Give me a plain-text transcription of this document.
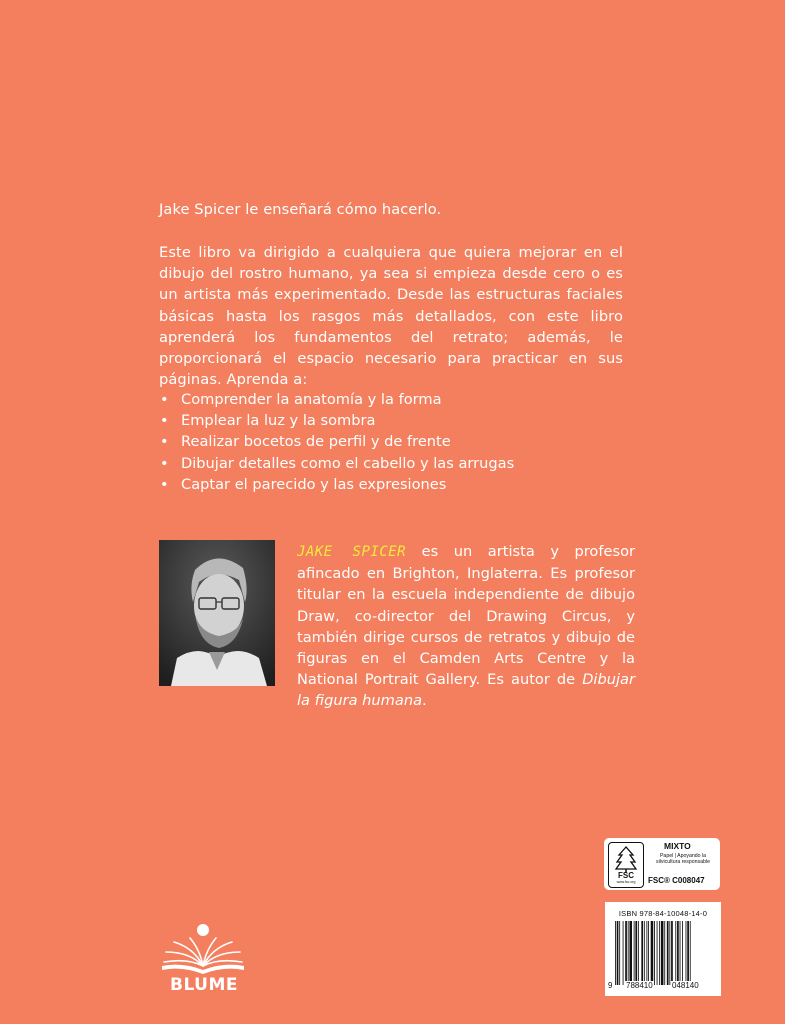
Jake Spicer le enseñará cómo hacerlo.
Este libro va dirigido a cualquiera que quiera mejorar en el dibujo del rostro humano, ya sea si empieza desde cero o es un artista más experimentado. Desde las estructuras faciales básicas hasta los rasgos más detallados, con este libro aprenderá los fundamentos del retrato; además, le proporcionará el espacio necesario para practicar en sus páginas. Aprenda a:
• Comprender la anatomía y la forma
• Emplear la luz y la sombra
• Realizar bocetos de perfil y de frente
• Dibujar detalles como el cabello y las arrugas
• Captar el parecido y las expresiones
JAKE SPICER es un artista y profesor afincado en Brighton, Inglaterra. Es profesor titular en la escuela independiente de dibujo Draw, co-director del Drawing Circus, y también dirige cursos de retratos y dibujo de figuras en el Camden Arts Centre y la National Portrait Gallery. Es autor de Dibujar la figura humana.
FSC
www.fsc.org
MIXTO
Papel | Apoyando la silvicultura responsable
FSC® C008047
ISBN 978-84-10048-14-0
9 788410 048140
BLUME
